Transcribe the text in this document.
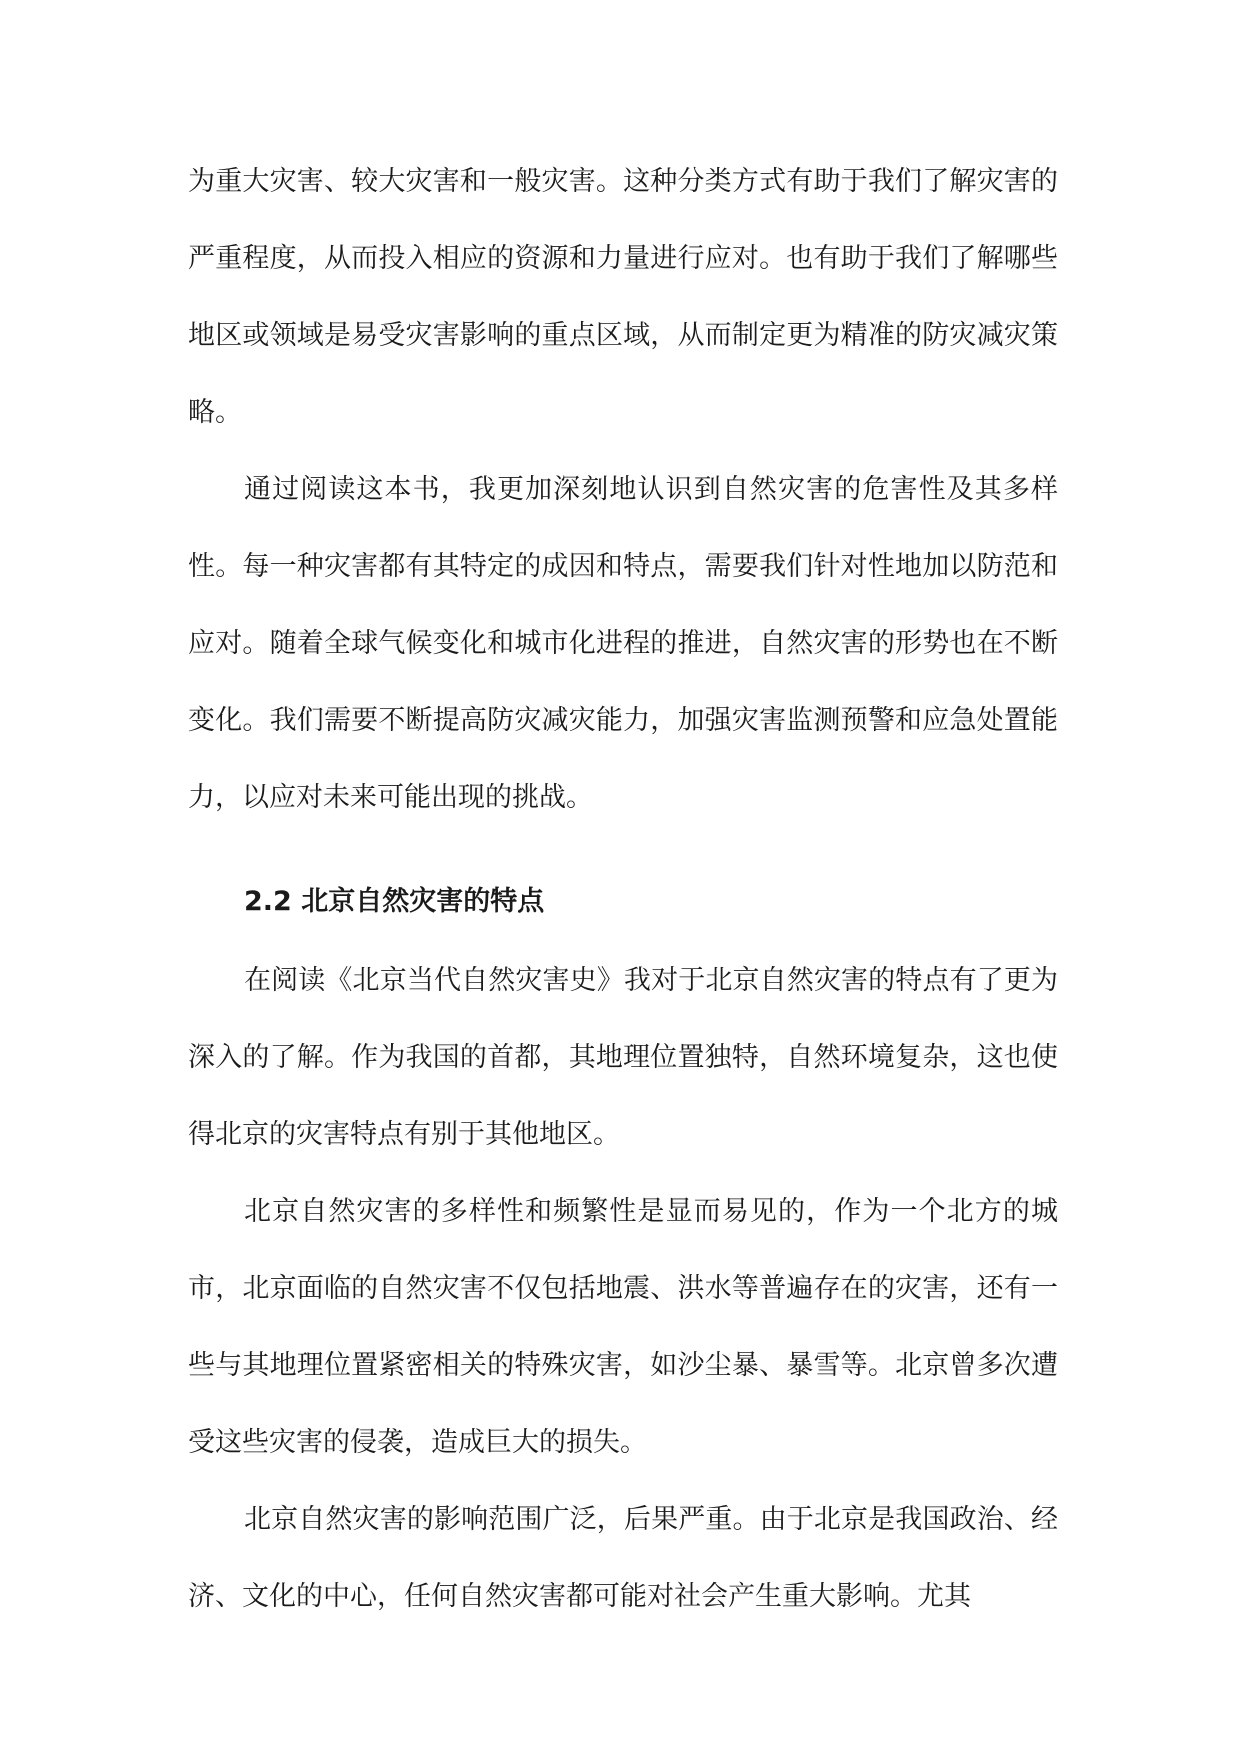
为重大灾害、较大灾害和一般灾害。这种分类方式有助于我们了解灾害的严重程度，从而投入相应的资源和力量进行应对。也有助于我们了解哪些地区或领域是易受灾害影响的重点区域，从而制定更为精准的防灾减灾策略。

通过阅读这本书，我更加深刻地认识到自然灾害的危害性及其多样性。每一种灾害都有其特定的成因和特点，需要我们针对性地加以防范和应对。随着全球气候变化和城市化进程的推进，自然灾害的形势也在不断变化。我们需要不断提高防灾减灾能力，加强灾害监测预警和应急处置能力，以应对未来可能出现的挑战。

2.2 北京自然灾害的特点

在阅读《北京当代自然灾害史》我对于北京自然灾害的特点有了更为深入的了解。作为我国的首都，其地理位置独特，自然环境复杂，这也使得北京的灾害特点有别于其他地区。

北京自然灾害的多样性和频繁性是显而易见的，作为一个北方的城市，北京面临的自然灾害不仅包括地震、洪水等普遍存在的灾害，还有一些与其地理位置紧密相关的特殊灾害，如沙尘暴、暴雪等。北京曾多次遭受这些灾害的侵袭，造成巨大的损失。

北京自然灾害的影响范围广泛，后果严重。由于北京是我国政治、经济、文化的中心，任何自然灾害都可能对社会产生重大影响。尤其
